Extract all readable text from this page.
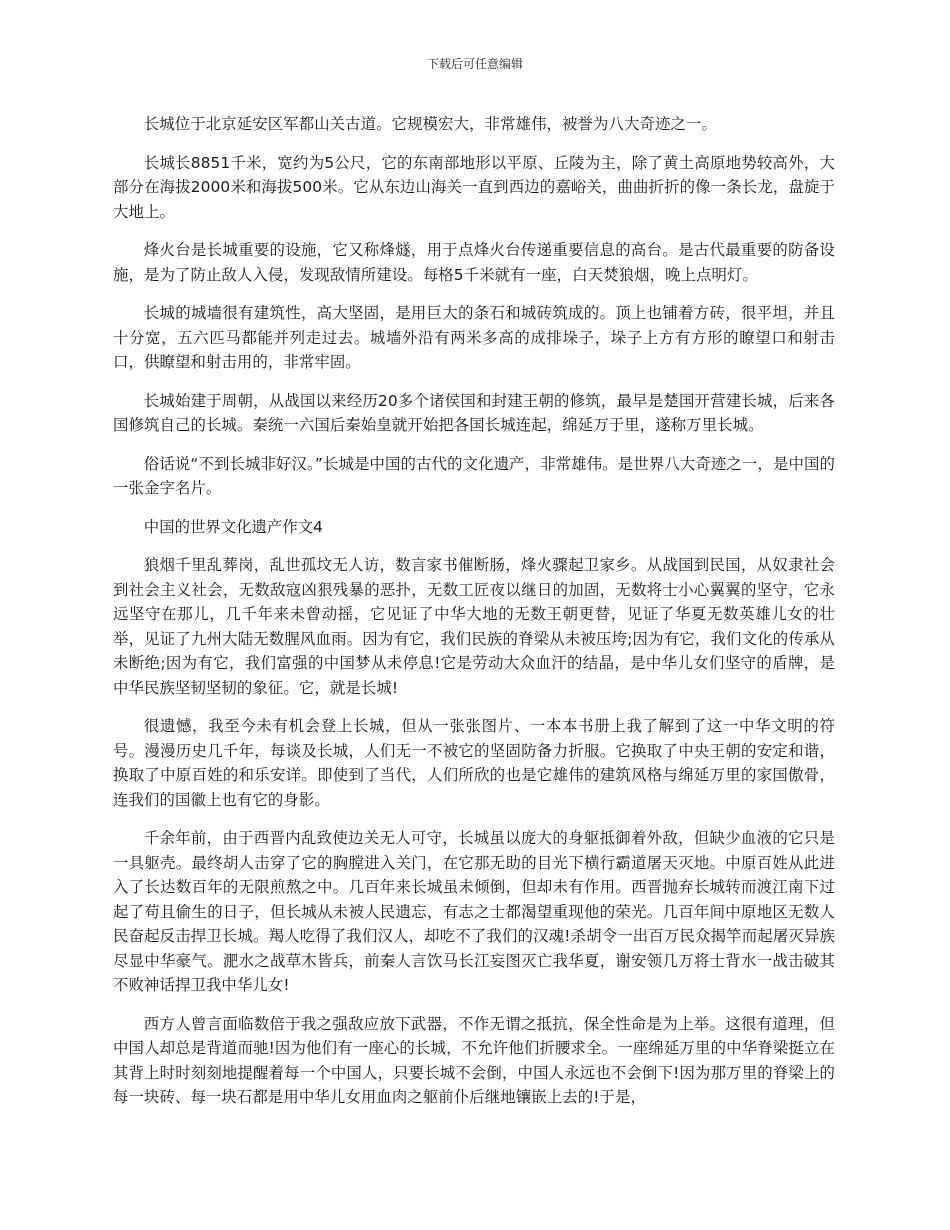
下载后可任意编辑

长城位于北京延安区军都山关古道。它规模宏大，非常雄伟，被誉为八大奇迹之一。

长城长8851千米，宽约为5公尺，它的东南部地形以平原、丘陵为主，除了黄土高原地势较高外，大部分在海拔2000米和海拔500米。它从东边山海关一直到西边的嘉峪关，曲曲折折的像一条长龙，盘旋于大地上。

烽火台是长城重要的设施，它又称烽燧，用于点烽火台传递重要信息的高台。是古代最重要的防备设施，是为了防止敌人入侵，发现敌情所建设。每格5千米就有一座，白天焚狼烟，晚上点明灯。

长城的城墙很有建筑性，高大坚固，是用巨大的条石和城砖筑成的。顶上也铺着方砖，很平坦，并且十分宽，五六匹马都能并列走过去。城墙外沿有两米多高的成排垛子，垛子上方有方形的瞭望口和射击口，供瞭望和射击用的，非常牢固。

长城始建于周朝，从战国以来经历20多个诸侯国和封建王朝的修筑，最早是楚国开营建长城，后来各国修筑自己的长城。秦统一六国后秦始皇就开始把各国长城连起，绵延万于里，遂称万里长城。

俗话说“不到长城非好汉。”长城是中国的古代的文化遗产，非常雄伟。是世界八大奇迹之一，是中国的一张金字名片。

中国的世界文化遗产作文4

狼烟千里乱葬岗，乱世孤坟无人访，数言家书催断肠，烽火骤起卫家乡。从战国到民国，从奴隶社会到社会主义社会，无数敌寇凶狠残暴的恶扑，无数工匠夜以继日的加固，无数将士小心翼翼的坚守，它永远坚守在那儿，几千年来未曾动摇，它见证了中华大地的无数王朝更替，见证了华夏无数英雄儿女的壮举，见证了九州大陆无数腥风血雨。因为有它，我们民族的脊梁从未被压垮;因为有它，我们文化的传承从未断绝;因为有它，我们富强的中国梦从未停息!它是劳动大众血汗的结晶，是中华儿女们坚守的盾牌，是中华民族坚韧坚韧的象征。它，就是长城!

很遗憾，我至今未有机会登上长城，但从一张张图片、一本本书册上我了解到了这一中华文明的符号。漫漫历史几千年，每谈及长城，人们无一不被它的坚固防备力折服。它换取了中央王朝的安定和谐，换取了中原百姓的和乐安详。即使到了当代，人们所欣的也是它雄伟的建筑风格与绵延万里的家国傲骨，连我们的国徽上也有它的身影。

千余年前，由于西晋内乱致使边关无人可守，长城虽以庞大的身躯抵御着外敌，但缺少血液的它只是一具躯壳。最终胡人击穿了它的胸膛进入关门，在它那无助的目光下横行霸道屠天灭地。中原百姓从此进入了长达数百年的无限煎熬之中。几百年来长城虽未倾倒，但却未有作用。西晋抛弃长城转而渡江南下过起了苟且偷生的日子，但长城从未被人民遗忘，有志之士都渴望重现他的荣光。几百年间中原地区无数人民奋起反击捍卫长城。羯人吃得了我们汉人，却吃不了我们的汉魂!杀胡令一出百万民众揭竿而起屠灭异族尽显中华豪气。淝水之战草木皆兵，前秦人言饮马长江妄图灭亡我华夏，谢安领几万将士背水一战击破其不败神话捍卫我中华儿女!

西方人曾言面临数倍于我之强敌应放下武器，不作无谓之抵抗，保全性命是为上举。这很有道理，但中国人却总是背道而驰!因为他们有一座心的长城，不允许他们折腰求全。一座绵延万里的中华脊梁挺立在其背上时时刻刻地提醒着每一个中国人，只要长城不会倒，中国人永远也不会倒下!因为那万里的脊梁上的每一块砖、每一块石都是用中华儿女用血肉之躯前仆后继地镶嵌上去的!于是，
